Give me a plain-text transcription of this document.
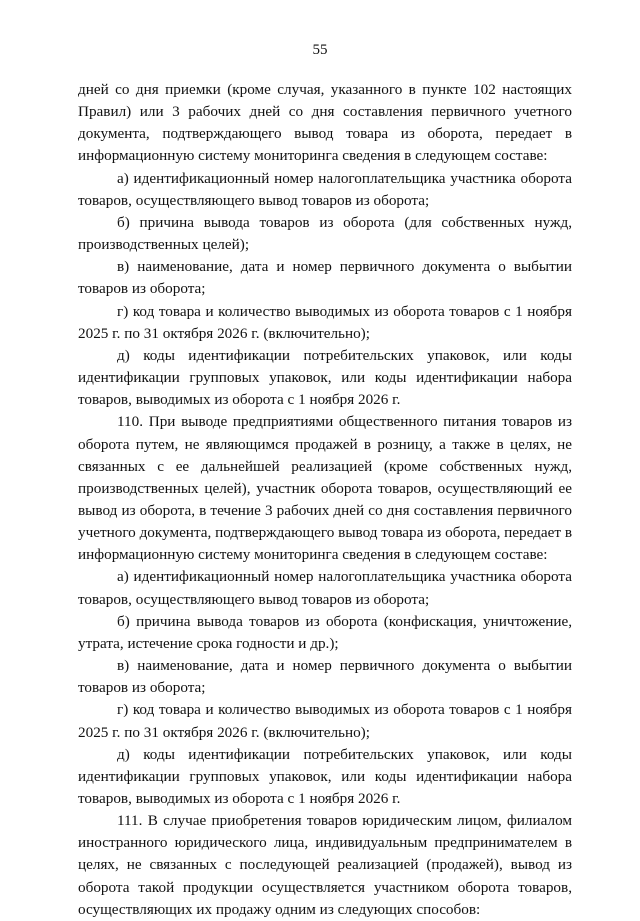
55

дней со дня приемки (кроме случая, указанного в пункте 102 настоящих Правил) или 3 рабочих дней со дня составления первичного учетного документа, подтверждающего вывод товара из оборота, передает в информационную систему мониторинга сведения в следующем составе:

а) идентификационный номер налогоплательщика участника оборота товаров, осуществляющего вывод товаров из оборота;

б) причина вывода товаров из оборота (для собственных нужд, производственных целей);

в) наименование, дата и номер первичного документа о выбытии товаров из оборота;

г) код товара и количество выводимых из оборота товаров с 1 ноября 2025 г. по 31 октября 2026 г. (включительно);

д) коды идентификации потребительских упаковок, или коды идентификации групповых упаковок, или коды идентификации набора товаров, выводимых из оборота с 1 ноября 2026 г.

110. При выводе предприятиями общественного питания товаров из оборота путем, не являющимся продажей в розницу, а также в целях, не связанных с ее дальнейшей реализацией (кроме собственных нужд, производственных целей), участник оборота товаров, осуществляющий ее вывод из оборота, в течение 3 рабочих дней со дня составления первичного учетного документа, подтверждающего вывод товара из оборота, передает в информационную систему мониторинга сведения в следующем составе:

а) идентификационный номер налогоплательщика участника оборота товаров, осуществляющего вывод товаров из оборота;

б) причина вывода товаров из оборота (конфискация, уничтожение, утрата, истечение срока годности и др.);

в) наименование, дата и номер первичного документа о выбытии товаров из оборота;

г) код товара и количество выводимых из оборота товаров с 1 ноября 2025 г. по 31 октября 2026 г. (включительно);

д) коды идентификации потребительских упаковок, или коды идентификации групповых упаковок, или коды идентификации набора товаров, выводимых из оборота с 1 ноября 2026 г.

111. В случае приобретения товаров юридическим лицом, филиалом иностранного юридического лица, индивидуальным предпринимателем в целях, не связанных с последующей реализацией (продажей), вывод из оборота такой продукции осуществляется участником оборота товаров, осуществляющих их продажу одним из следующих способов:
